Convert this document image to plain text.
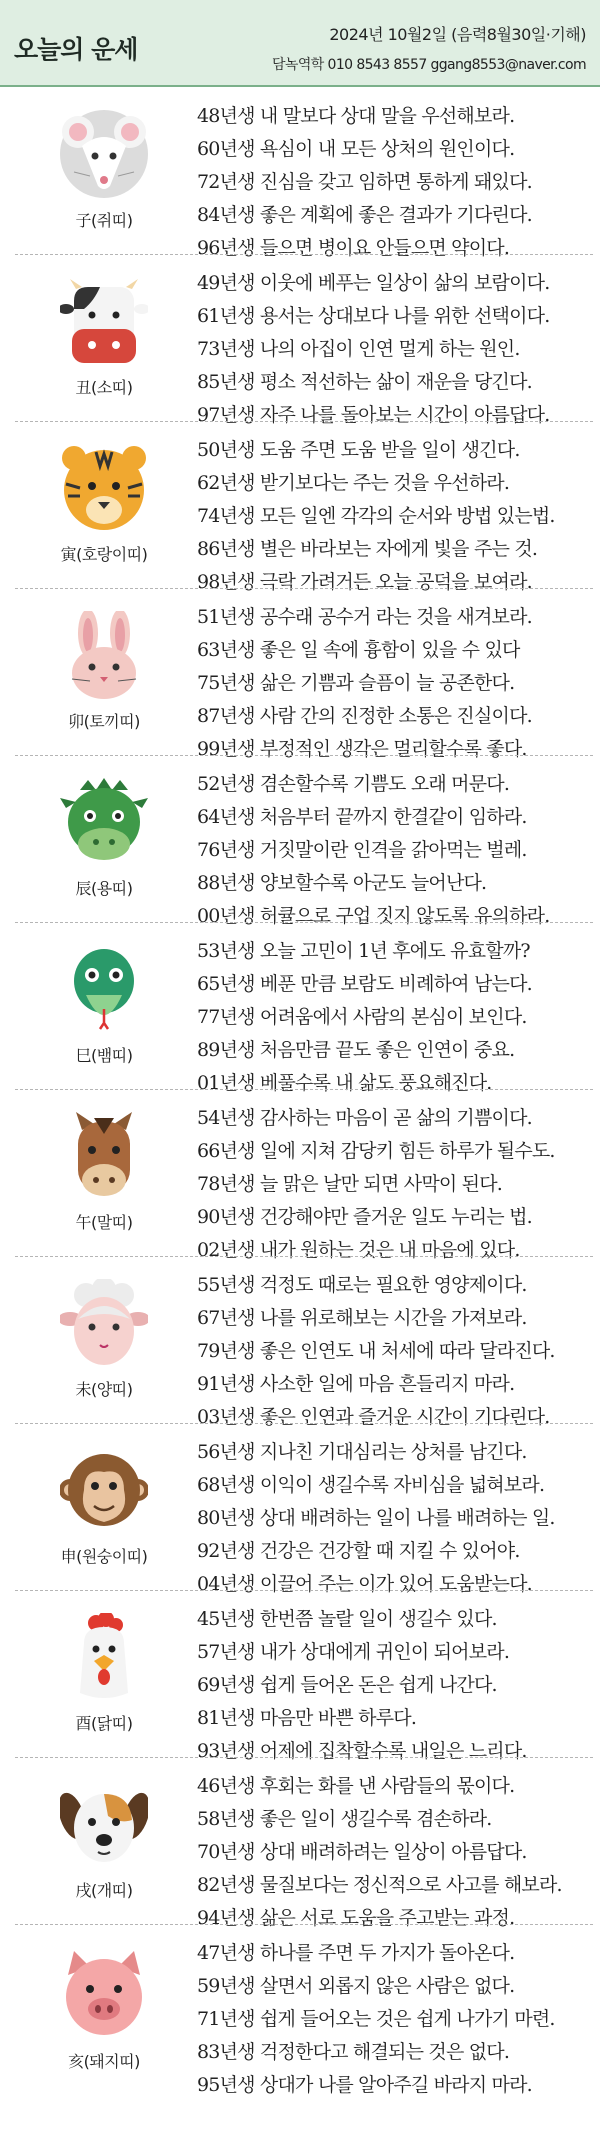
오늘의 운세
2024년 10월2일 (음력8월30일·기해)
담녹역학 010 8543 8557 ggang8553@naver.com
子(쥐띠)
48년생 내 말보다 상대 말을 우선해보라.
60년생 욕심이 내 모든 상처의 원인이다.
72년생 진심을 갖고 임하면 통하게 돼있다.
84년생 좋은 계획에 좋은 결과가 기다린다.
96년생 들으면 병이요 안들으면 약이다.
丑(소띠)
49년생 이웃에 베푸는 일상이 삶의 보람이다.
61년생 용서는 상대보다 나를 위한 선택이다.
73년생 나의 아집이 인연 멀게 하는 원인.
85년생 평소 적선하는 삶이 재운을 당긴다.
97년생 자주 나를 돌아보는 시간이 아름답다.
寅(호랑이띠)
50년생 도움 주면 도움 받을 일이 생긴다.
62년생 받기보다는 주는 것을 우선하라.
74년생 모든 일엔 각각의 순서와 방법 있는법.
86년생 별은 바라보는 자에게 빛을 주는 것.
98년생 극락 가려거든 오늘 공덕을 보여라.
卯(토끼띠)
51년생 공수래 공수거 라는 것을 새겨보라.
63년생 좋은 일 속에 흉함이 있을 수 있다
75년생 삶은 기쁨과 슬픔이 늘 공존한다.
87년생 사람 간의 진정한 소통은 진실이다.
99년생 부정적인 생각은 멀리할수록 좋다.
辰(용띠)
52년생 겸손할수록 기쁨도 오래 머문다.
64년생 처음부터 끝까지 한결같이 임하라.
76년생 거짓말이란 인격을 갉아먹는 벌레.
88년생 양보할수록 아군도 늘어난다.
00년생 허큘으로 구업 짓지 않도록 유의하라.
巳(뱀띠)
53년생 오늘 고민이 1년 후에도 유효할까?
65년생 베푼 만큼 보람도 비례하여 남는다.
77년생 어려움에서 사람의 본심이 보인다.
89년생 처음만큼 끝도 좋은 인연이 중요.
01년생 베풀수록 내 삶도 풍요해진다.
午(말띠)
54년생 감사하는 마음이 곧 삶의 기쁨이다.
66년생 일에 지쳐 감당키 힘든 하루가 될수도.
78년생 늘 맑은 날만 되면 사막이 된다.
90년생 건강해야만 즐거운 일도 누리는 법.
02년생 내가 원하는 것은 내 마음에 있다.
未(양띠)
55년생 걱정도 때로는 필요한 영양제이다.
67년생 나를 위로해보는 시간을 가져보라.
79년생 좋은 인연도 내 처세에 따라 달라진다.
91년생 사소한 일에 마음 흔들리지 마라.
03년생 좋은 인연과 즐거운 시간이 기다린다.
申(원숭이띠)
56년생 지나친 기대심리는 상처를 남긴다.
68년생 이익이 생길수록 자비심을 넓혀보라.
80년생 상대 배려하는 일이 나를 배려하는 일.
92년생 건강은 건강할 때 지킬 수 있어야.
04년생 이끌어 주는 이가 있어 도움받는다.
酉(닭띠)
45년생 한번쯤 놀랄 일이 생길수 있다.
57년생 내가 상대에게 귀인이 되어보라.
69년생 쉽게 들어온 돈은 쉽게 나간다.
81년생 마음만 바쁜 하루다.
93년생 어제에 집착할수록 내일은 느리다.
戌(개띠)
46년생 후회는 화를 낸 사람들의 몫이다.
58년생 좋은 일이 생길수록 겸손하라.
70년생 상대 배려하려는 일상이 아름답다.
82년생 물질보다는 정신적으로 사고를 해보라.
94년생 삶은 서로 도움을 주고받는 과정.
亥(돼지띠)
47년생 하나를 주면 두 가지가 돌아온다.
59년생 살면서 외롭지 않은 사람은 없다.
71년생 쉽게 들어오는 것은 쉽게 나가기 마련.
83년생 걱정한다고 해결되는 것은 없다.
95년생 상대가 나를 알아주길 바라지 마라.
